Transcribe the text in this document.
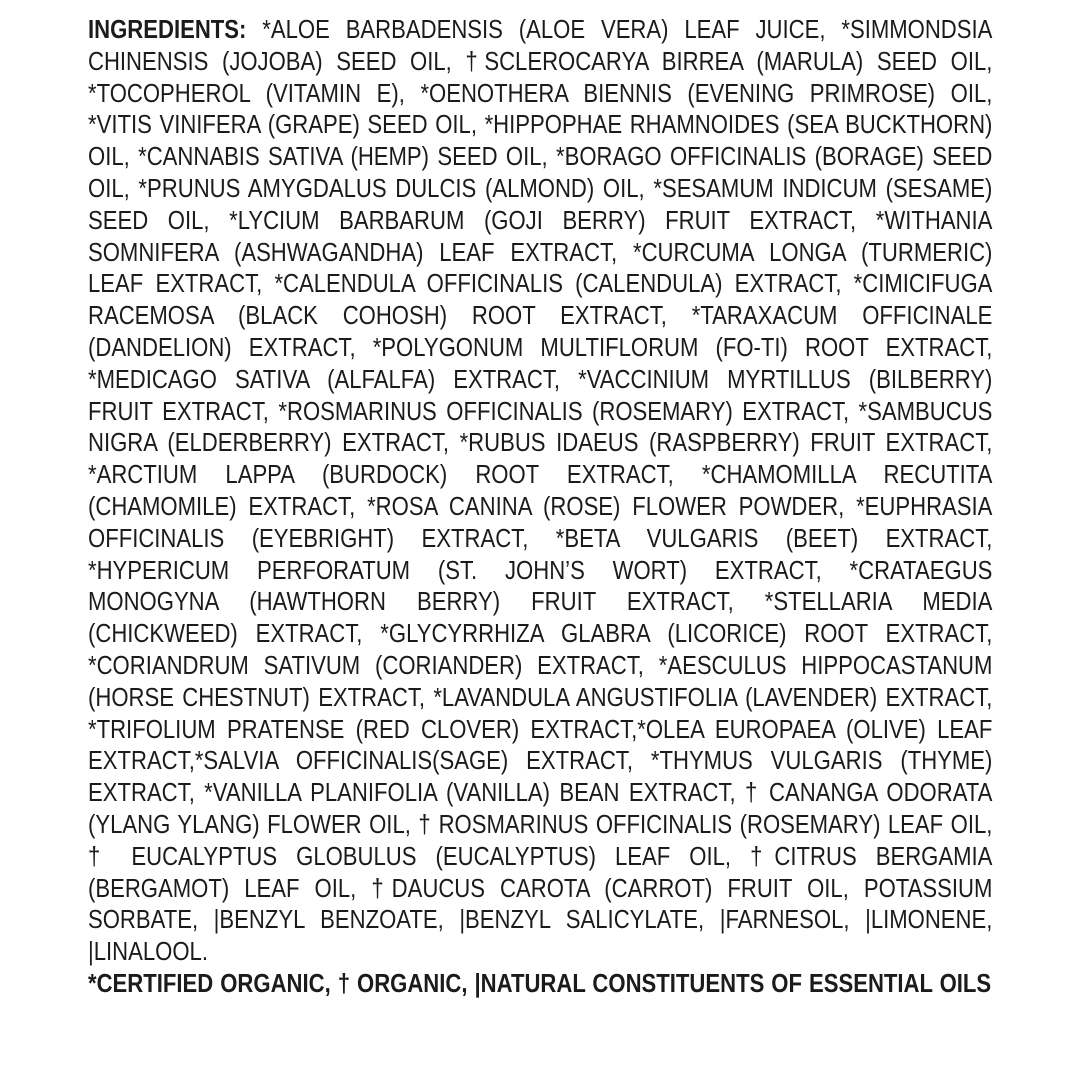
INGREDIENTS: *ALOE BARBADENSIS (ALOE VERA) LEAF JUICE, *SIMMONDSIA CHINENSIS (JOJOBA) SEED OIL, †SCLEROCARYA BIRREA (MARULA) SEED OIL, *TOCOPHEROL (VITAMIN E), *OENOTHERA BIENNIS (EVENING PRIMROSE) OIL, *VITIS VINIFERA (GRAPE) SEED OIL, *HIPPOPHAE RHAMNOIDES (SEA BUCKTHORN) OIL, *CANNABIS SATIVA (HEMP) SEED OIL, *BORAGO OFFICINALIS (BORAGE) SEED OIL, *PRUNUS AMYGDALUS DULCIS (ALMOND) OIL, *SESAMUM INDICUM (SESAME) SEED OIL, *LYCIUM BARBARUM (GOJI BERRY) FRUIT EXTRACT, *WITHANIA SOMNIFERA (ASHWAGANDHA) LEAF EXTRACT, *CURCUMA LONGA (TURMERIC) LEAF EXTRACT, *CALENDULA OFFICINALIS (CALENDULA) EXTRACT, *CIMICIFUGA RACEMOSA (BLACK COHOSH) ROOT EXTRACT, *TARAXACUM OFFICINALE (DANDELION) EXTRACT, *POLYGONUM MULTIFLORUM (FO-TI) ROOT EXTRACT, *MEDICAGO SATIVA (ALFALFA) EXTRACT, *VACCINIUM MYRTILLUS (BILBERRY) FRUIT EXTRACT, *ROSMARINUS OFFICINALIS (ROSEMARY) EXTRACT, *SAMBUCUS NIGRA (ELDERBERRY) EXTRACT, *RUBUS IDAEUS (RASPBERRY) FRUIT EXTRACT, *ARCTIUM LAPPA (BURDOCK) ROOT EXTRACT, *CHAMOMILLA RECUTITA (CHAMOMILE) EXTRACT, *ROSA CANINA (ROSE) FLOWER POWDER, *EUPHRASIA OFFICINALIS (EYEBRIGHT) EXTRACT, *BETA VULGARIS (BEET) EXTRACT, *HYPERICUM PERFORATUM (ST. JOHN’S WORT) EXTRACT, *CRATAEGUS MONOGYNA (HAWTHORN BERRY) FRUIT EXTRACT, *STELLARIA MEDIA (CHICKWEED) EXTRACT, *GLYCYRRHIZA GLABRA (LICORICE) ROOT EXTRACT, *CORIANDRUM SATIVUM (CORIANDER) EXTRACT, *AESCULUS HIPPOCASTANUM (HORSE CHESTNUT) EXTRACT, *LAVANDULA ANGUSTIFOLIA (LAVENDER) EXTRACT, *TRIFOLIUM PRATENSE (RED CLOVER) EXTRACT,*OLEA EUROPAEA (OLIVE) LEAF EXTRACT,*SALVIA OFFICINALIS(SAGE) EXTRACT, *THYMUS VULGARIS (THYME) EXTRACT, *VANILLA PLANIFOLIA (VANILLA) BEAN EXTRACT, † CANANGA ODORATA (YLANG YLANG) FLOWER OIL, † ROSMARINUS OFFICINALIS (ROSEMARY) LEAF OIL, † EUCALYPTUS GLOBULUS (EUCALYPTUS) LEAF OIL, †CITRUS BERGAMIA (BERGAMOT) LEAF OIL, †DAUCUS CAROTA (CARROT) FRUIT OIL, POTASSIUM SORBATE, |BENZYL BENZOATE, |BENZYL SALICYLATE, |FARNESOL, |LIMONENE, |LINALOOL.

*CERTIFIED ORGANIC, † ORGANIC, |NATURAL CONSTITUENTS OF ESSENTIAL OILS
